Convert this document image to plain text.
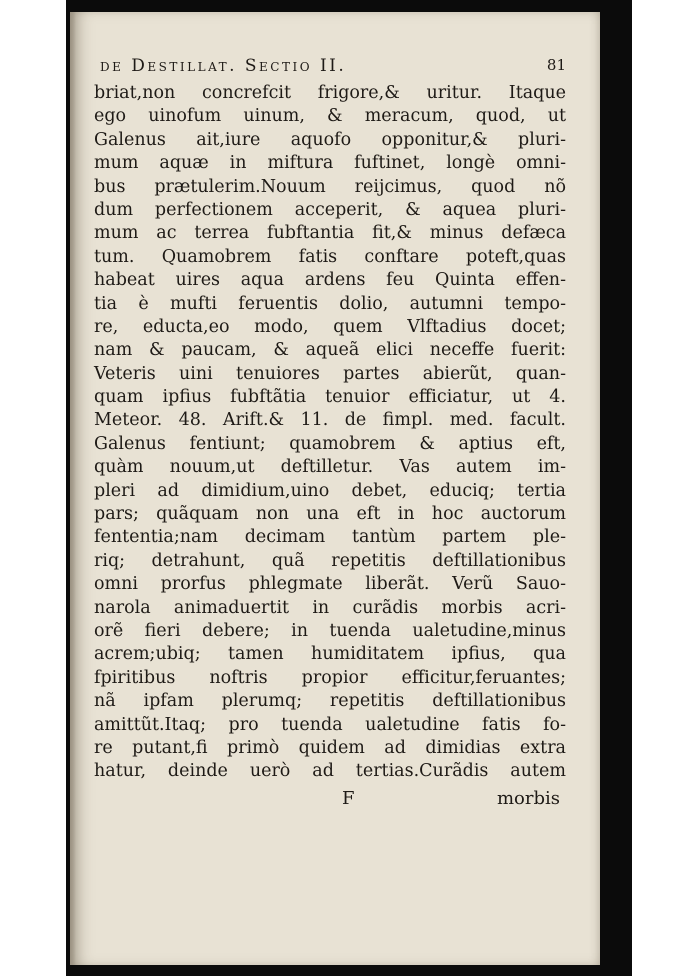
de Destillat. Sectio II.	81
briat,non concrefcit frigore,& uritur. Itaque
ego uinofum uinum, & meracum, quod, ut
Galenus ait,iure aquofo opponitur,& pluri-
mum aquæ in miftura fuftinet, longè omni-
bus prætulerim.Nouum reijcimus, quod nõ
dum perfectionem acceperit, & aquea pluri-
mum ac terrea fubftantia fit,& minus defæca
tum. Quamobrem fatis conftare poteft,quas
habeat uires aqua ardens feu Quinta effen-
tia è mufti feruentis dolio, autumni tempo-
re, educta,eo modo, quem Vlftadius docet;
nam & paucam, & aqueã elici neceffe fuerit:
Veteris uini tenuiores partes abierũt, quan-
quam ipfius fubftãtia tenuior efficiatur, ut 4.
Meteor. 48. Arift.& 11. de fimpl. med. facult.
Galenus fentiunt; quamobrem & aptius eft,
quàm nouum,ut deftilletur. Vas autem im-
pleri ad dimidium,uino debet, educiq; tertia
pars; quãquam non una eft in hoc auctorum
fententia;nam decimam tantùm partem ple-
riq; detrahunt, quã repetitis deftillationibus
omni prorfus phlegmate liberãt. Verũ Sauo-
narola animaduertit in curãdis morbis acri-
orẽ fieri debere; in tuenda ualetudine,minus
acrem;ubiq; tamen humiditatem ipfius, qua
fpiritibus noftris propior efficitur,feruantes;
nã ipfam plerumq; repetitis deftillationibus
amittũt.Itaq; pro tuenda ualetudine fatis fo-
re putant,fi primò quidem ad dimidias extra
hatur, deinde uerò ad tertias.Curãdis autem
F	morbis
